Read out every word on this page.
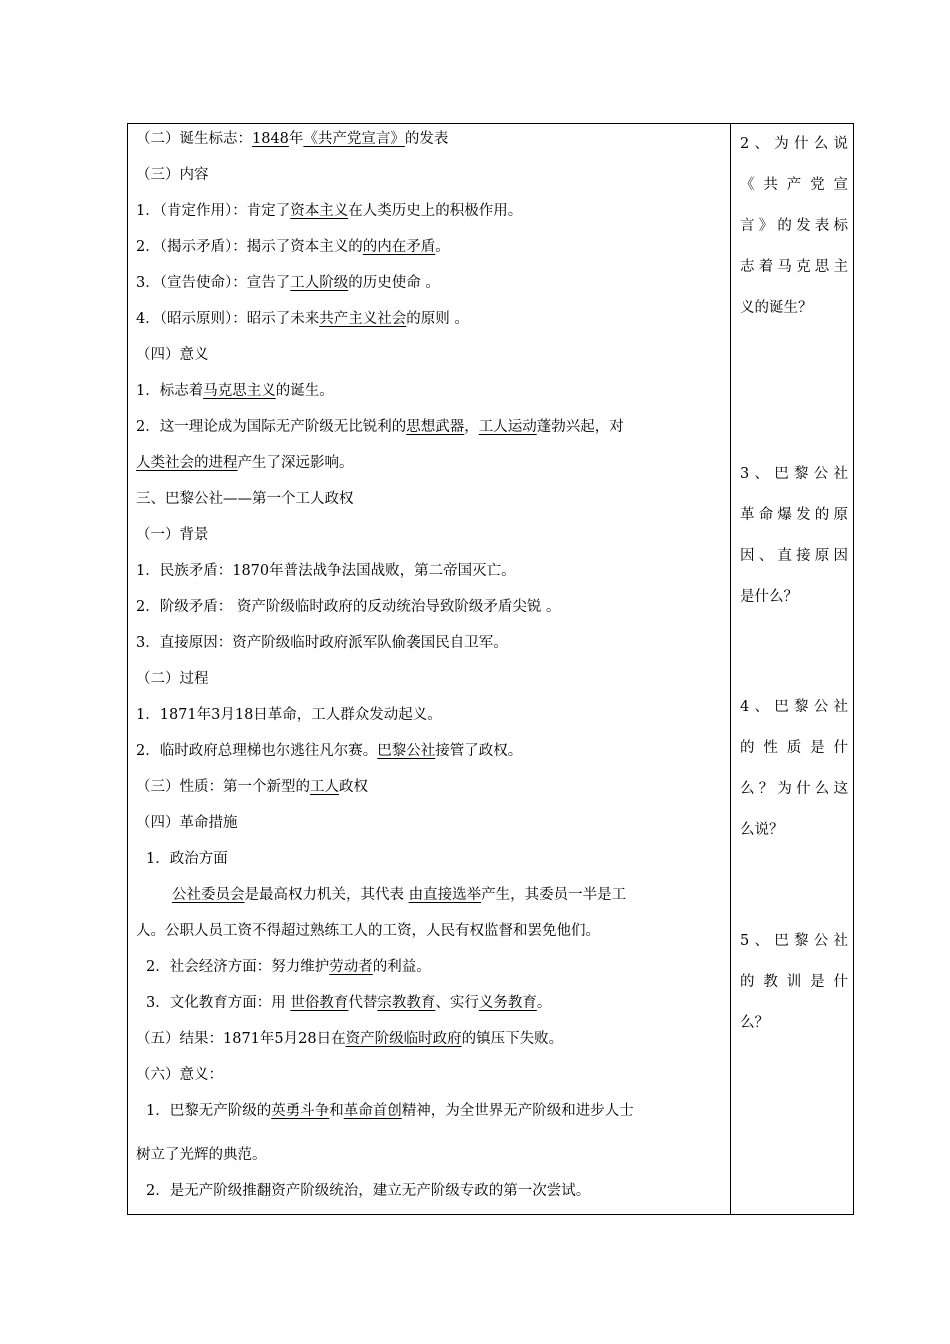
（二）诞生标志：1848年《共产党宣言》的发表
（三）内容
1．（肯定作用）：肯定了资本主义在人类历史上的积极作用。
2．（揭示矛盾）：揭示了资本主义的的内在矛盾。
3．（宣告使命）：宣告了工人阶级的历史使命 。
4．（昭示原则）：昭示了未来共产主义社会的原则 。
（四）意义
1．标志着马克思主义的诞生。
2．这一理论成为国际无产阶级无比锐利的思想武器，工人运动蓬勃兴起，对
人类社会的进程产生了深远影响。
三、巴黎公社——第一个工人政权
（一）背景
1．民族矛盾：1870年普法战争法国战败，第二帝国灭亡。
2．阶级矛盾： 资产阶级临时政府的反动统治导致阶级矛盾尖锐 。
3．直接原因：资产阶级临时政府派军队偷袭国民自卫军。
（二）过程
1．1871年3月18日革命，工人群众发动起义。
2．临时政府总理梯也尔逃往凡尔赛。巴黎公社接管了政权。
（三）性质：第一个新型的工人政权
（四）革命措施
1．政治方面
公社委员会是最高权力机关，其代表 由直接选举产生，其委员一半是工
人。公职人员工资不得超过熟练工人的工资，人民有权监督和罢免他们。
2．社会经济方面：努力维护劳动者的利益。
3．文化教育方面：用 世俗教育代替宗教教育、实行义务教育。
（五）结果：1871年5月28日在资产阶级临时政府的镇压下失败。
（六）意义：
1．巴黎无产阶级的英勇斗争和革命首创精神，为全世界无产阶级和进步人士
树立了光辉的典范。
2．是无产阶级推翻资产阶级统治，建立无产阶级专政的第一次尝试。
2、为什么说
《共产党宣
言》的发表标
志着马克思主
义的诞生？
3、巴黎公社
革命爆发的原
因、直接原因
是什么？
4、巴黎公社
的性质是什
么？为什么这
么说？
5、巴黎公社
的教训是什
么？
